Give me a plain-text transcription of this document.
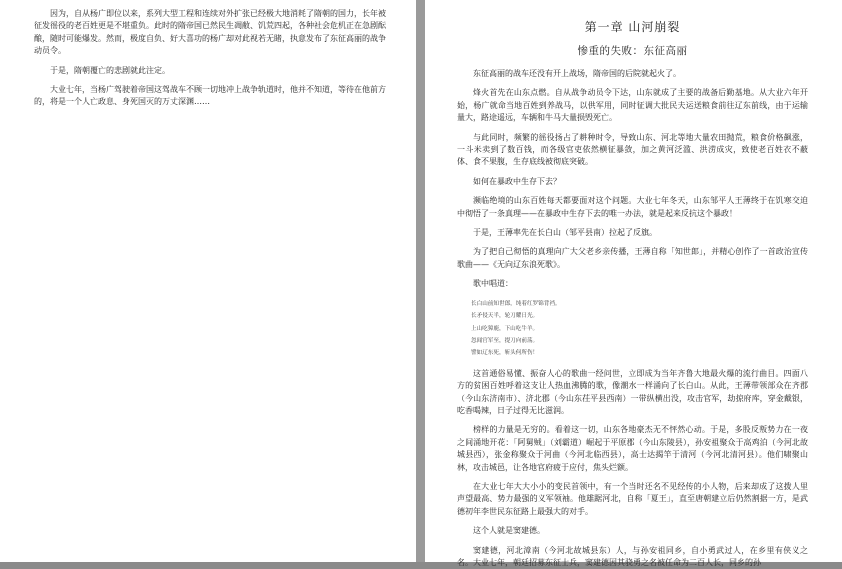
因为，自从杨广即位以来，系列大型工程和连续对外扩张已经极大地消耗了隋朝的国力，长年被征发徭役的老百姓更是不堪重负。此时的隋帝国已然民生凋敝、饥荒四起，各种社会危机正在急剧酝酿，随时可能爆发。然而，极度自负、好大喜功的杨广却对此视若无睹，执意发布了东征高丽的战争动员令。

于是，隋朝覆亡的悲剧就此注定。

大业七年，当杨广驾驶着帝国这驾战车不顾一切地冲上战争轨道时，他并不知道，等待在他前方的，将是一个人亡政息、身死国灭的万丈深渊……

第一章 山河崩裂
惨重的失败：东征高丽

东征高丽的战车还没有开上战场，隋帝国的后院就起火了。

烽火首先在山东点燃。自从战争动员令下达，山东就成了主要的战备后勤基地。从大业六年开始，杨广就命当地百姓到养战马，以供军用，同时征调大批民夫运送粮食前往辽东前线，由于运输量大，路途遥远，车辆和牛马大量损毁死亡。

与此同时，频繁的徭役扬占了耕种时令，导致山东、河北等地大量农田抛荒，粮食价格飙涨，一斗米卖到了数百钱，而各级官吏依然横征暴敛，加之黄河泛滥、洪涝成灾，致使老百姓衣不蔽体、食不果腹，生存底线被彻底突破。

如何在暴政中生存下去？

濒临绝境的山东百姓每天都要面对这个问题。大业七年冬天，山东邹平人王薄终于在饥寒交迫中彻悟了一条真理——在暴政中生存下去的唯一办法，就是起来反抗这个暴政！

于是，王薄率先在长白山（邹平县南）拉起了反旗。

为了把自己彻悟的真理向广大父老乡亲传播，王薄自称「知世郎」，并精心创作了一首政治宣传歌曲——《无向辽东浪死歌》。

歌中唱道：

长白山前知世郎，纯着红罗锦背裆。
长矛侵天半，轮刀耀日光。
上山吃獐鹿，下山吃牛羊。
忽闻官军至，提刀向前荡。
譬如辽东死，斩头何所伤！

这首通俗易懂、振奋人心的歌曲一经问世，立即成为当年齐鲁大地最火爆的流行曲目。四面八方的贫困百姓呼着这支让人热血沸腾的歌，像潮水一样涌向了长白山。从此，王薄带领部众在齐郡（今山东济南市）、济北郡（今山东茌平县西南）一带纵横出没，攻击官军，劫掠府库，穿金戴银，吃香喝辣，日子过得无比滋润。

榜样的力量是无穷的。看着这一切，山东各地豪杰无不怦然心动。于是，多股反叛势力在一夜之间涌地开花：「阿舅贼」（刘霸道）崛起于平原郡（今山东陵县），孙安祖聚众于高鸡泊（今河北故城县西），张金称聚众于河曲（今河北临西县），高士达揭竿于清河（今河北清河县）。他们啸聚山林，攻击城邑，让各地官府疲于应付，焦头烂额。

在大业七年大大小小的变民首领中，有一个当时还名不见经传的小人物，后来却成了这拨人里声望最高、势力最强的义军领袖。他雄踞河北，自称「夏王」，直至唐朝建立后仍然割据一方，是武德初年李世民东征路上最强大的对手。

这个人就是窦建德。

窦建德，河北漳南（今河北故城县东）人，与孙安祖同乡，自小勇武过人，在乡里有侠义之名。大业七年，朝廷招募东征士兵，窦建德因其骁勇之名被任命为二百人长，同乡的孙
